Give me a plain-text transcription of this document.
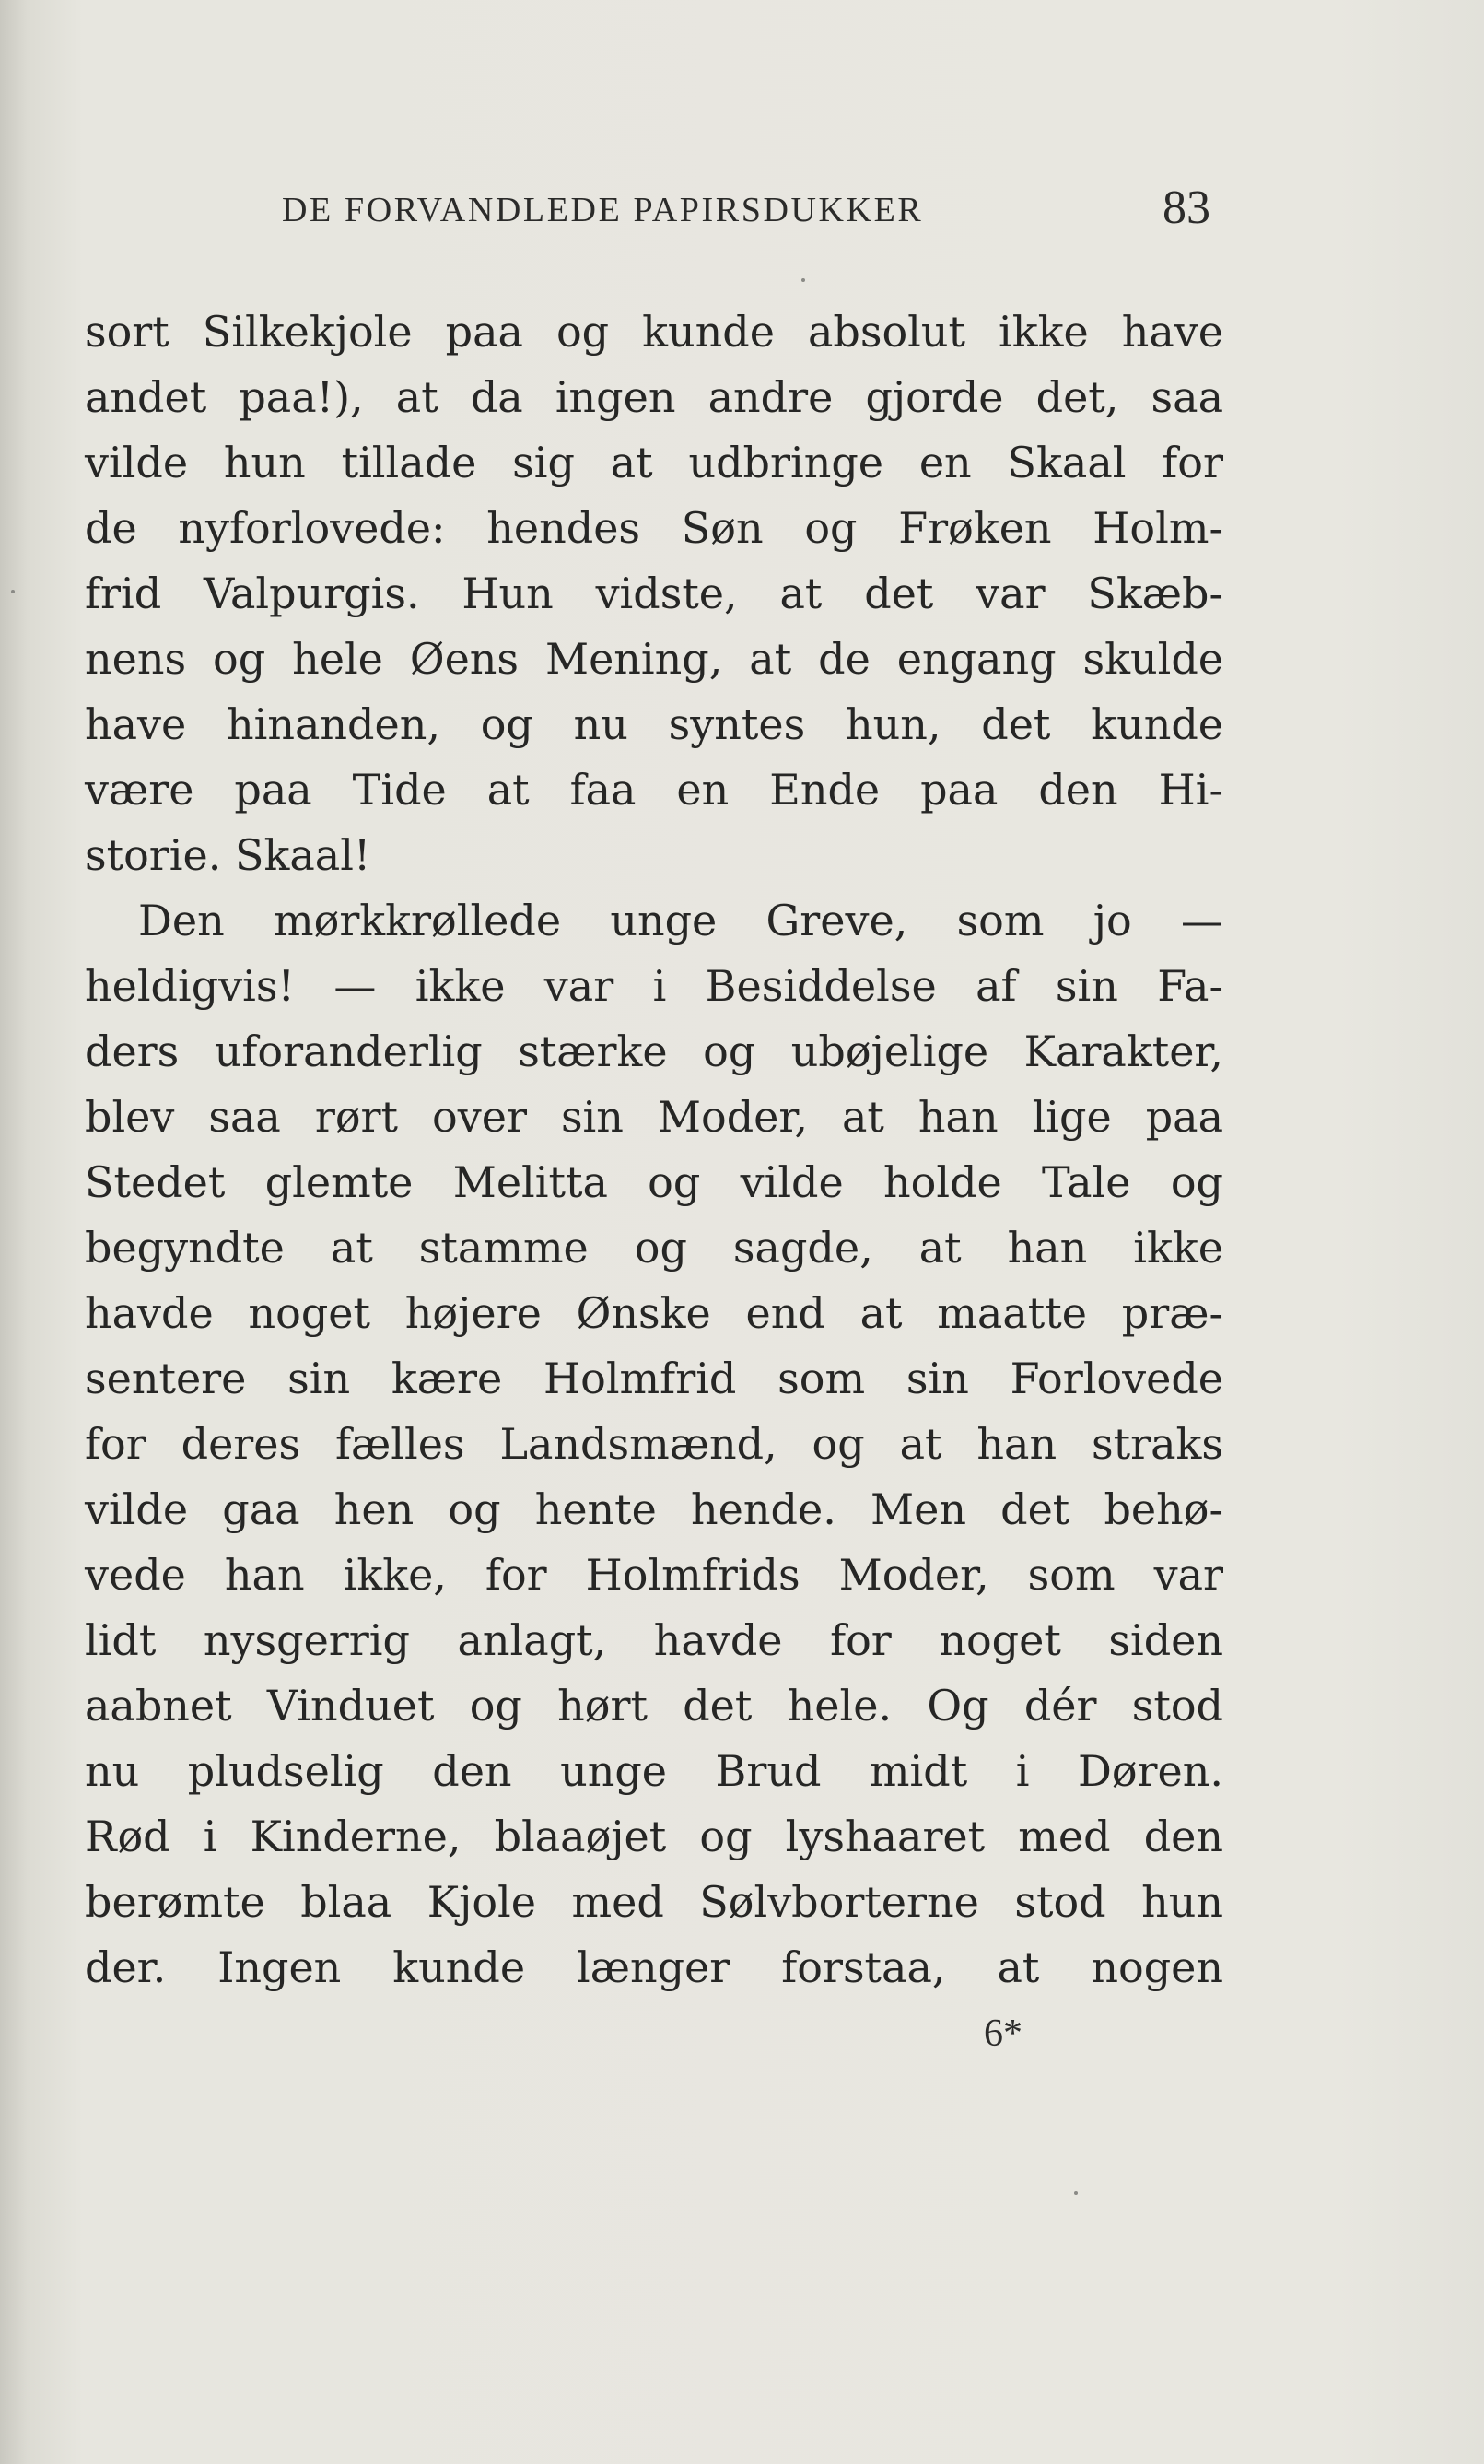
DE FORVANDLEDE PAPIRSDUKKER	83
sort Silkekjole paa og kunde absolut ikke have
andet paa!), at da ingen andre gjorde det, saa
vilde hun tillade sig at udbringe en Skaal for
de nyforlovede: hendes Søn og Frøken Holm-
frid Valpurgis. Hun vidste, at det var Skæb-
nens og hele Øens Mening, at de engang skulde
have hinanden, og nu syntes hun, det kunde
være paa Tide at faa en Ende paa den Hi-
storie. Skaal!
Den mørkkrøllede unge Greve, som jo —
heldigvis! — ikke var i Besiddelse af sin Fa-
ders uforanderlig stærke og ubøjelige Karakter,
blev saa rørt over sin Moder, at han lige paa
Stedet glemte Melitta og vilde holde Tale og
begyndte at stamme og sagde, at han ikke
havde noget højere Ønske end at maatte præ-
sentere sin kære Holmfrid som sin Forlovede
for deres fælles Landsmænd, og at han straks
vilde gaa hen og hente hende. Men det behø-
vede han ikke, for Holmfrids Moder, som var
lidt nysgerrig anlagt, havde for noget siden
aabnet Vinduet og hørt det hele. Og dér stod
nu pludselig den unge Brud midt i Døren.
Rød i Kinderne, blaaøjet og lyshaaret med den
berømte blaa Kjole med Sølvborterne stod hun
der. Ingen kunde længer forstaa, at nogen
6*
